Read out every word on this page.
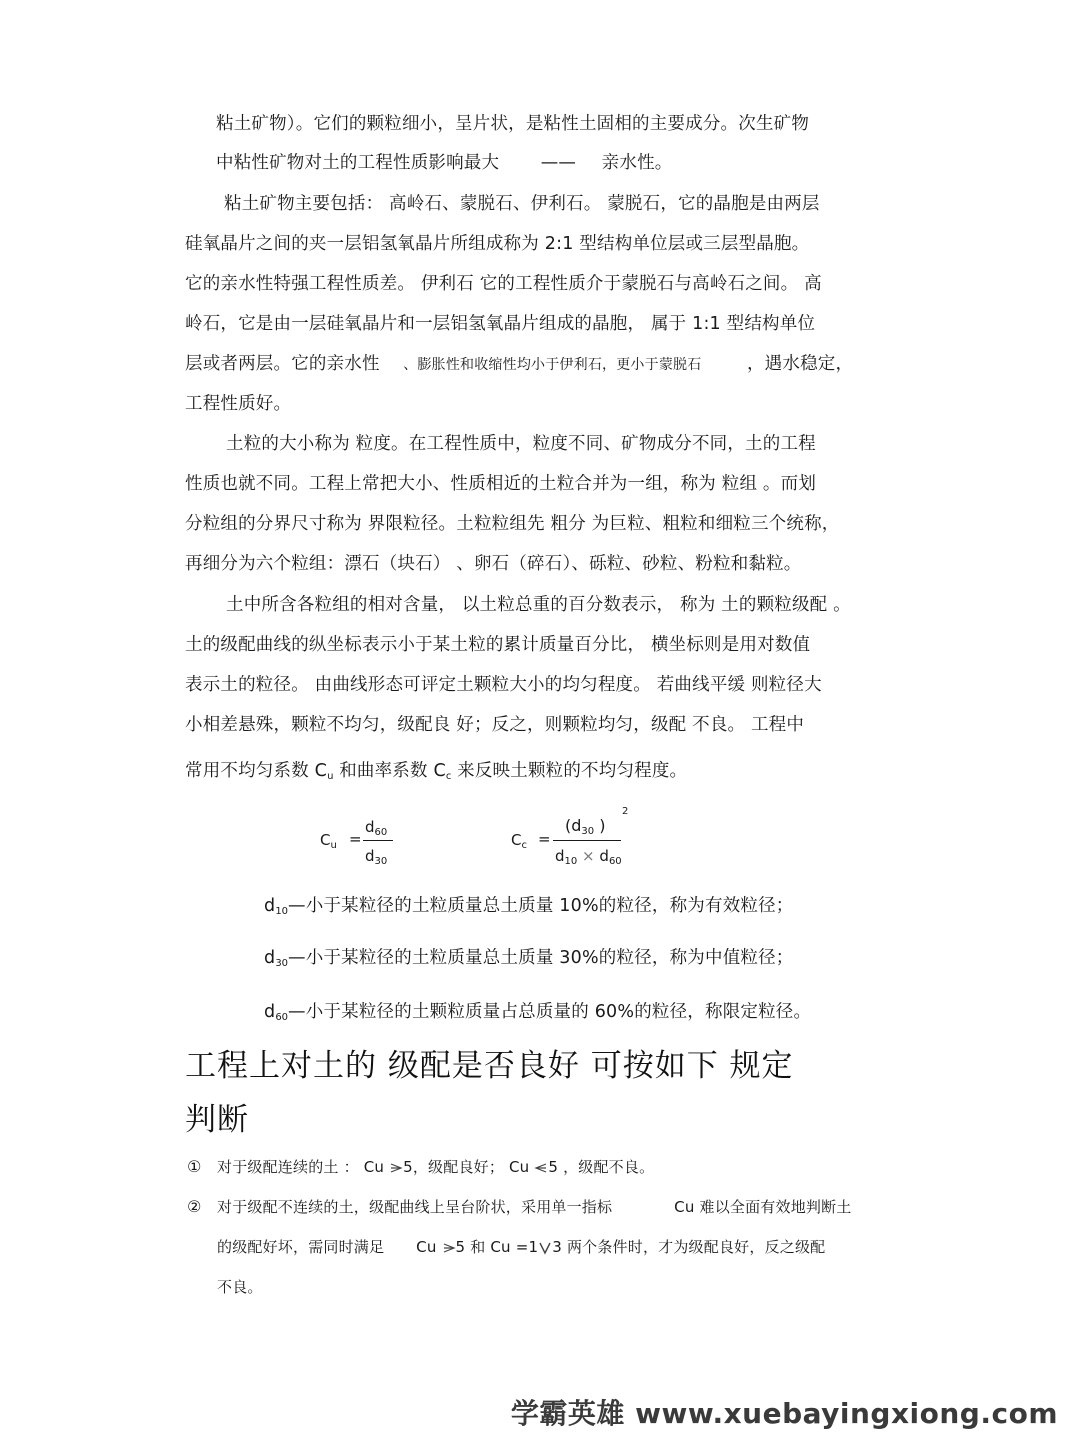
粘土矿物）。它们的颗粒细小，呈片状，是粘性土固相的主要成分。次生矿物
中粘性矿物对土的工程性质影响最大 —— 亲水性。
粘土矿物主要包括： 高岭石、蒙脱石、伊利石。 蒙脱石，它的晶胞是由两层
硅氧晶片之间的夹一层铝氢氧晶片所组成称为 2:1 型结构单位层或三层型晶胞。
它的亲水性特强工程性质差。 伊利石 它的工程性质介于蒙脱石与高岭石之间。 高
岭石，它是由一层硅氧晶片和一层铝氢氧晶片组成的晶胞， 属于 1:1 型结构单位
层或者两层。它的亲水性 、膨胀性和收缩性均小于伊利石，更小于蒙脱石	，遇水稳定，
工程性质好。
土粒的大小称为 粒度。在工程性质中，粒度不同、矿物成分不同，土的工程
性质也就不同。工程上常把大小、性质相近的土粒合并为一组，称为 粒组 。而划
分粒组的分界尺寸称为 界限粒径。土粒粒组先 粗分 为巨粒、粗粒和细粒三个统称，
再细分为六个粒组：漂石（块石） 、卵石（碎石）、砾粒、砂粒、粉粒和黏粒。
土中所含各粒组的相对含量， 以土粒总重的百分数表示， 称为 土的颗粒级配 。
土的级配曲线的纵坐标表示小于某土粒的累计质量百分比， 横坐标则是用对数值
表示土的粒径。 由曲线形态可评定土颗粒大小的均匀程度。 若曲线平缓 则粒径大
小相差悬殊，颗粒不均匀，级配良 好；反之，则颗粒均匀，级配 不良。 工程中
常用不均匀系数 $C_u$ 和曲率系数 $C_c$ 来反映土颗粒的不均匀程度。
$C_u$ =
$d_{60}$
$d_{30}$
$C_c$ =
($d_{30}$ )
2
$d_{10} \times d_{60}$
$d_{10}—$小于某粒径的土粒质量总土质量 10%的粒径，称为有效粒径；
$d_{30}—$小于某粒径的土粒质量总土质量 30%的粒径，称为中值粒径；
$d_{60}—$小于某粒径的土颗粒质量占总质量的 60%的粒径，称限定粒径。
工程上对土的 级配是否良好 可按如下 规定
判断
① 对于级配连续的土 ： Cu 5，级配良好； Cu 5 ，级配不良。
② 对于级配不连续的土，级配曲线上呈台阶状，采用单一指标	Cu 难以全面有效地判断土
的级配好坏，需同时满足 Cu 5 和 Cu =1 3 两个条件时，才为级配良好，反之级配
不良。
学霸英雄 www.xuebayingxiong.com
